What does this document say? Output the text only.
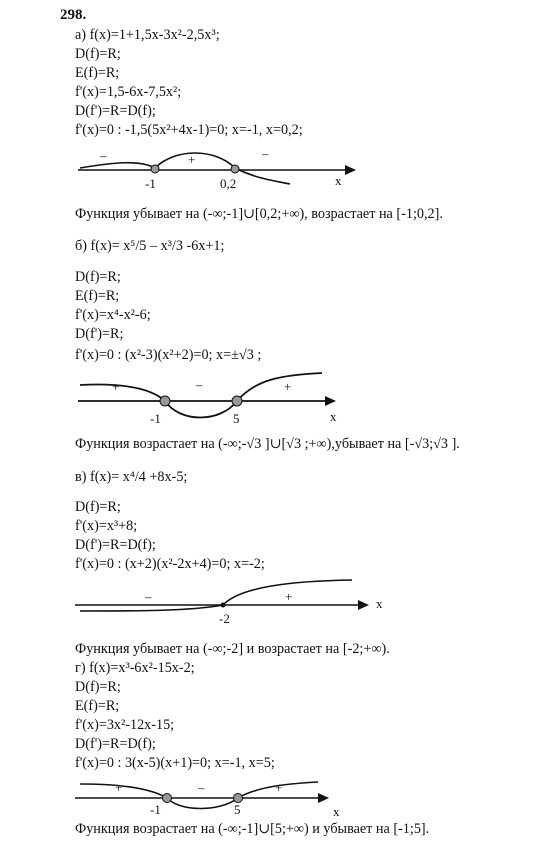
298.
а) f(x)=1+1,5x-3x²-2,5x³;
D(f)=R;
E(f)=R;
f'(x)=1,5-6x-7,5x²;
D(f')=R=D(f);
f'(x)=0 : -1,5(5x²+4x-1)=0; x=-1, x=0,2;
–	+	–
-1	0,2	x
Функция убывает на (-∞;-1]∪[0,2;+∞), возрастает на [-1;0,2].
б) f(x)= x⁵/5 – x³/3 -6x+1;
D(f)=R;
E(f)=R;
f'(x)=x⁴-x²-6;
D(f')=R;
f'(x)=0 : (x²-3)(x²+2)=0; x=±√3 ;
+	–	+
-1	5	x
Функция возрастает на (-∞;-√3 ]∪[√3 ;+∞),убывает на [-√3;√3 ].
в) f(x)= x⁴/4 +8x-5;
D(f)=R;
f'(x)=x³+8;
D(f')=R=D(f);
f'(x)=0 : (x+2)(x²-2x+4)=0; x=-2;
–	+
-2
x
Функция убывает на (-∞;-2] и возрастает на [-2;+∞).
г) f(x)=x³-6x²-15x-2;
D(f)=R;
E(f)=R;
f'(x)=3x²-12x-15;
D(f')=R=D(f);
f'(x)=0 : 3(x-5)(x+1)=0; x=-1, x=5;
+	–	+
-1	5	x
Функция возрастает на (-∞;-1]∪[5;+∞) и убывает на [-1;5].
